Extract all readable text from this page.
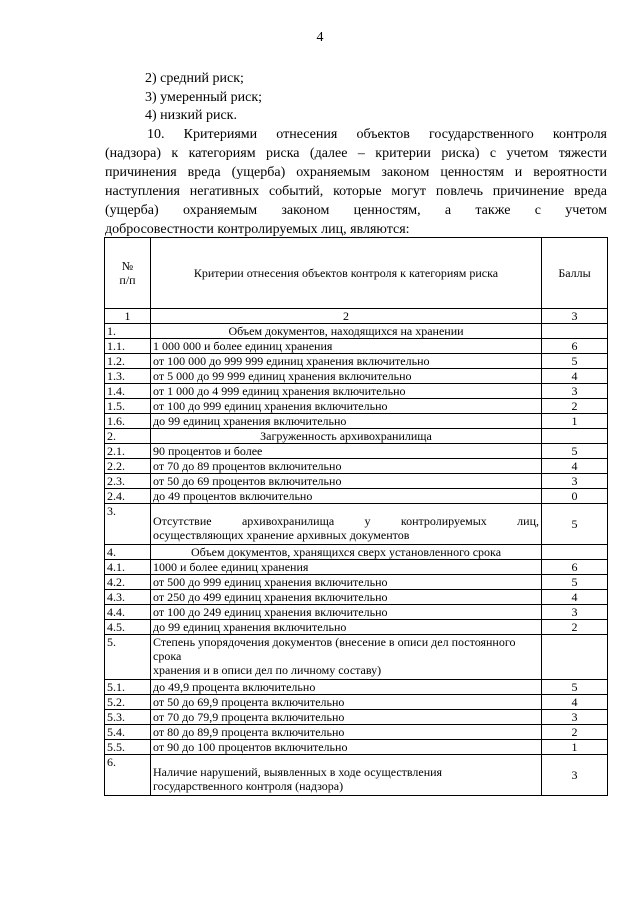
4
2) средний риск;
3) умеренный риск;
4) низкий риск.
10. Критериями отнесения объектов государственного контроля
(надзора) к категориям риска (далее – критерии риска) с учетом тяжести
причинения вреда (ущерба) охраняемым законом ценностям и вероятности
наступления негативных событий, которые могут повлечь причинение вреда
(ущерба) охраняемым законом ценностям, а также с учетом
добросовестности контролируемых лиц, являются:
№
п/п	Критерии отнесения объектов контроля к категориям риска	Баллы
1	2	3
1.	Объем документов, находящихся на хранении	
1.1.	1 000 000 и более единиц хранения	6
1.2.	от 100 000 до 999 999 единиц хранения включительно	5
1.3.	от 5 000 до 99 999 единиц хранения включительно	4
1.4.	от 1 000 до 4 999 единиц хранения включительно	3
1.5.	от 100 до 999 единиц хранения включительно	2
1.6.	до 99 единиц хранения включительно	1
2.	Загруженность архивохранилища	
2.1.	90 процентов и более	5
2.2.	от 70 до 89 процентов включительно	4
2.3.	от 50 до 69 процентов включительно	3
2.4.	до 49 процентов включительно	0
3.	Отсутствие архивохранилища у контролируемых лиц,
осуществляющих хранение архивных документов	5
4.	Объем документов, хранящихся сверх установленного срока	
4.1.	1000 и более единиц хранения	6
4.2.	от 500 до 999 единиц хранения включительно	5
4.3.	от 250 до 499 единиц хранения включительно	4
4.4.	от 100 до 249 единиц хранения включительно	3
4.5.	до 99 единиц хранения включительно	2
5.	Степень упорядочения документов (внесение в описи дел постоянного срока
хранения и в описи дел по личному составу)	

5.1.	до 49,9 процента включительно	5
5.2.	от 50 до 69,9 процента включительно	4
5.3.	от 70 до 79,9 процента включительно	3
5.4.	от 80 до 89,9 процента включительно	2
5.5.	от 90 до 100 процентов включительно	1
6.	Наличие нарушений, выявленных в ходе осуществления
государственного контроля (надзора)	3
